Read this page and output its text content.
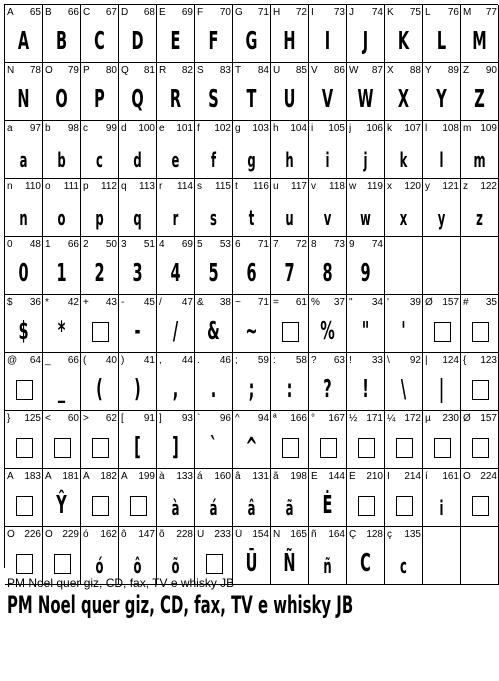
A 65
A
B 66
B
C 67
C
D 68
D
E 69
E
F 70
F
G 71
G
H 72
H
I 73
I
J 74
J
K 75
K
L 76
L
M 77
M
N 78
N
O 79
O
P 80
P
Q 81
Q
R 82
R
S 83
S
T 84
T
U 85
U
V 86
V
W 87
W
X 88
X
Y 89
Y
Z 90
Z
a 97
a
b 98
b
c 99
c
d 100
d
e 101
e
f 102
f
g 103
g
h 104
h
i 105
i
j 106
j
k 107
k
l 108
l
m 109
m
n 110
n
o 111
o
p 112
p
q 113
q
r 114
r
s 115
s
t 116
t
u 117
u
v 118
v
w 119
w
x 120
x
y 121
y
z 122
z
0 48
0
1 66
1
2 50
2
3 51
3
4 69
4
5 53
5
6 71
6
7 72
7
8 73
8
9 74
9
$ 36
$
* 42
*
+ 43 - 45
-
/ 47
/
& 38
&
~ 71
~
= 61 % 37
%
" 34
"
' 39
'
Ø 157 # 35
@ 64 _ 66
_
( 40
(
) 41
)
, 44
,
. 46
.
; 59
;
: 58
:
? 63
?
! 33
!
\ 92
\
| 124
|
{ 123
} 125 < 60 > 62 [ 91
[
] 93
]
` 96
`
^ 94
^
ª 166 ° 167 ½ 171 ¼ 172 µ 230 Ø 157
À 183 Â 181
Ŷ
Â 182 Ã 199 à 133
à
á 160
á
â 131
â
ã 198
ã
É 144
Ė
Ê 210 Í 214 í 161
i
Ó 224
Ô 226 Õ 229 ó 162
ó
ô 147
ô
õ 228
õ
Ú 233 Ü 154
Ū
Ñ 165
Ñ
ñ 164
ñ
Ç 128
C
ç 135
c
PM Noel quer giz, CD, fax, TV e whisky JB
PM Noel quer giz, CD, fax, TV e whisky JB
